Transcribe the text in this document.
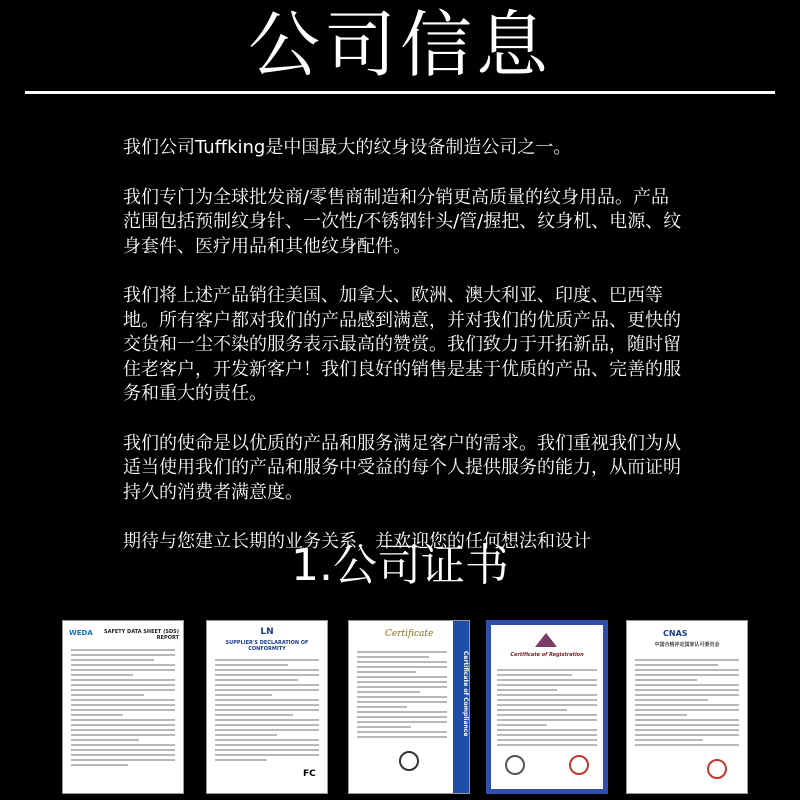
公司信息

我们公司Tuffking是中国最大的纹身设备制造公司之一。

我们专门为全球批发商/零售商制造和分销更高质量的纹身用品。产品范围包括预制纹身针、一次性/不锈钢针头/管/握把、纹身机、电源、纹身套件、医疗用品和其他纹身配件。

我们将上述产品销往美国、加拿大、欧洲、澳大利亚、印度、巴西等地。所有客户都对我们的产品感到满意，并对我们的优质产品、更快的交货和一尘不染的服务表示最高的赞赏。我们致力于开拓新品，随时留住老客户，开发新客户！我们良好的销售是基于优质的产品、完善的服务和重大的责任。

我们的使命是以优质的产品和服务满足客户的需求。我们重视我们为从适当使用我们的产品和服务中受益的每个人提供服务的能力，从而证明持久的消费者满意度。

期待与您建立长期的业务关系，并欢迎您的任何想法和设计

1.公司证书
WEDA	SAFETY DATA SHEET (SDS) REPORT
LN
SUPPLIER'S DECLARATION OF CONFORMITY
FC
Certificate
Certificate of Compliance	Certificate of Registration
CNAS
中国合格评定国家认可委员会
